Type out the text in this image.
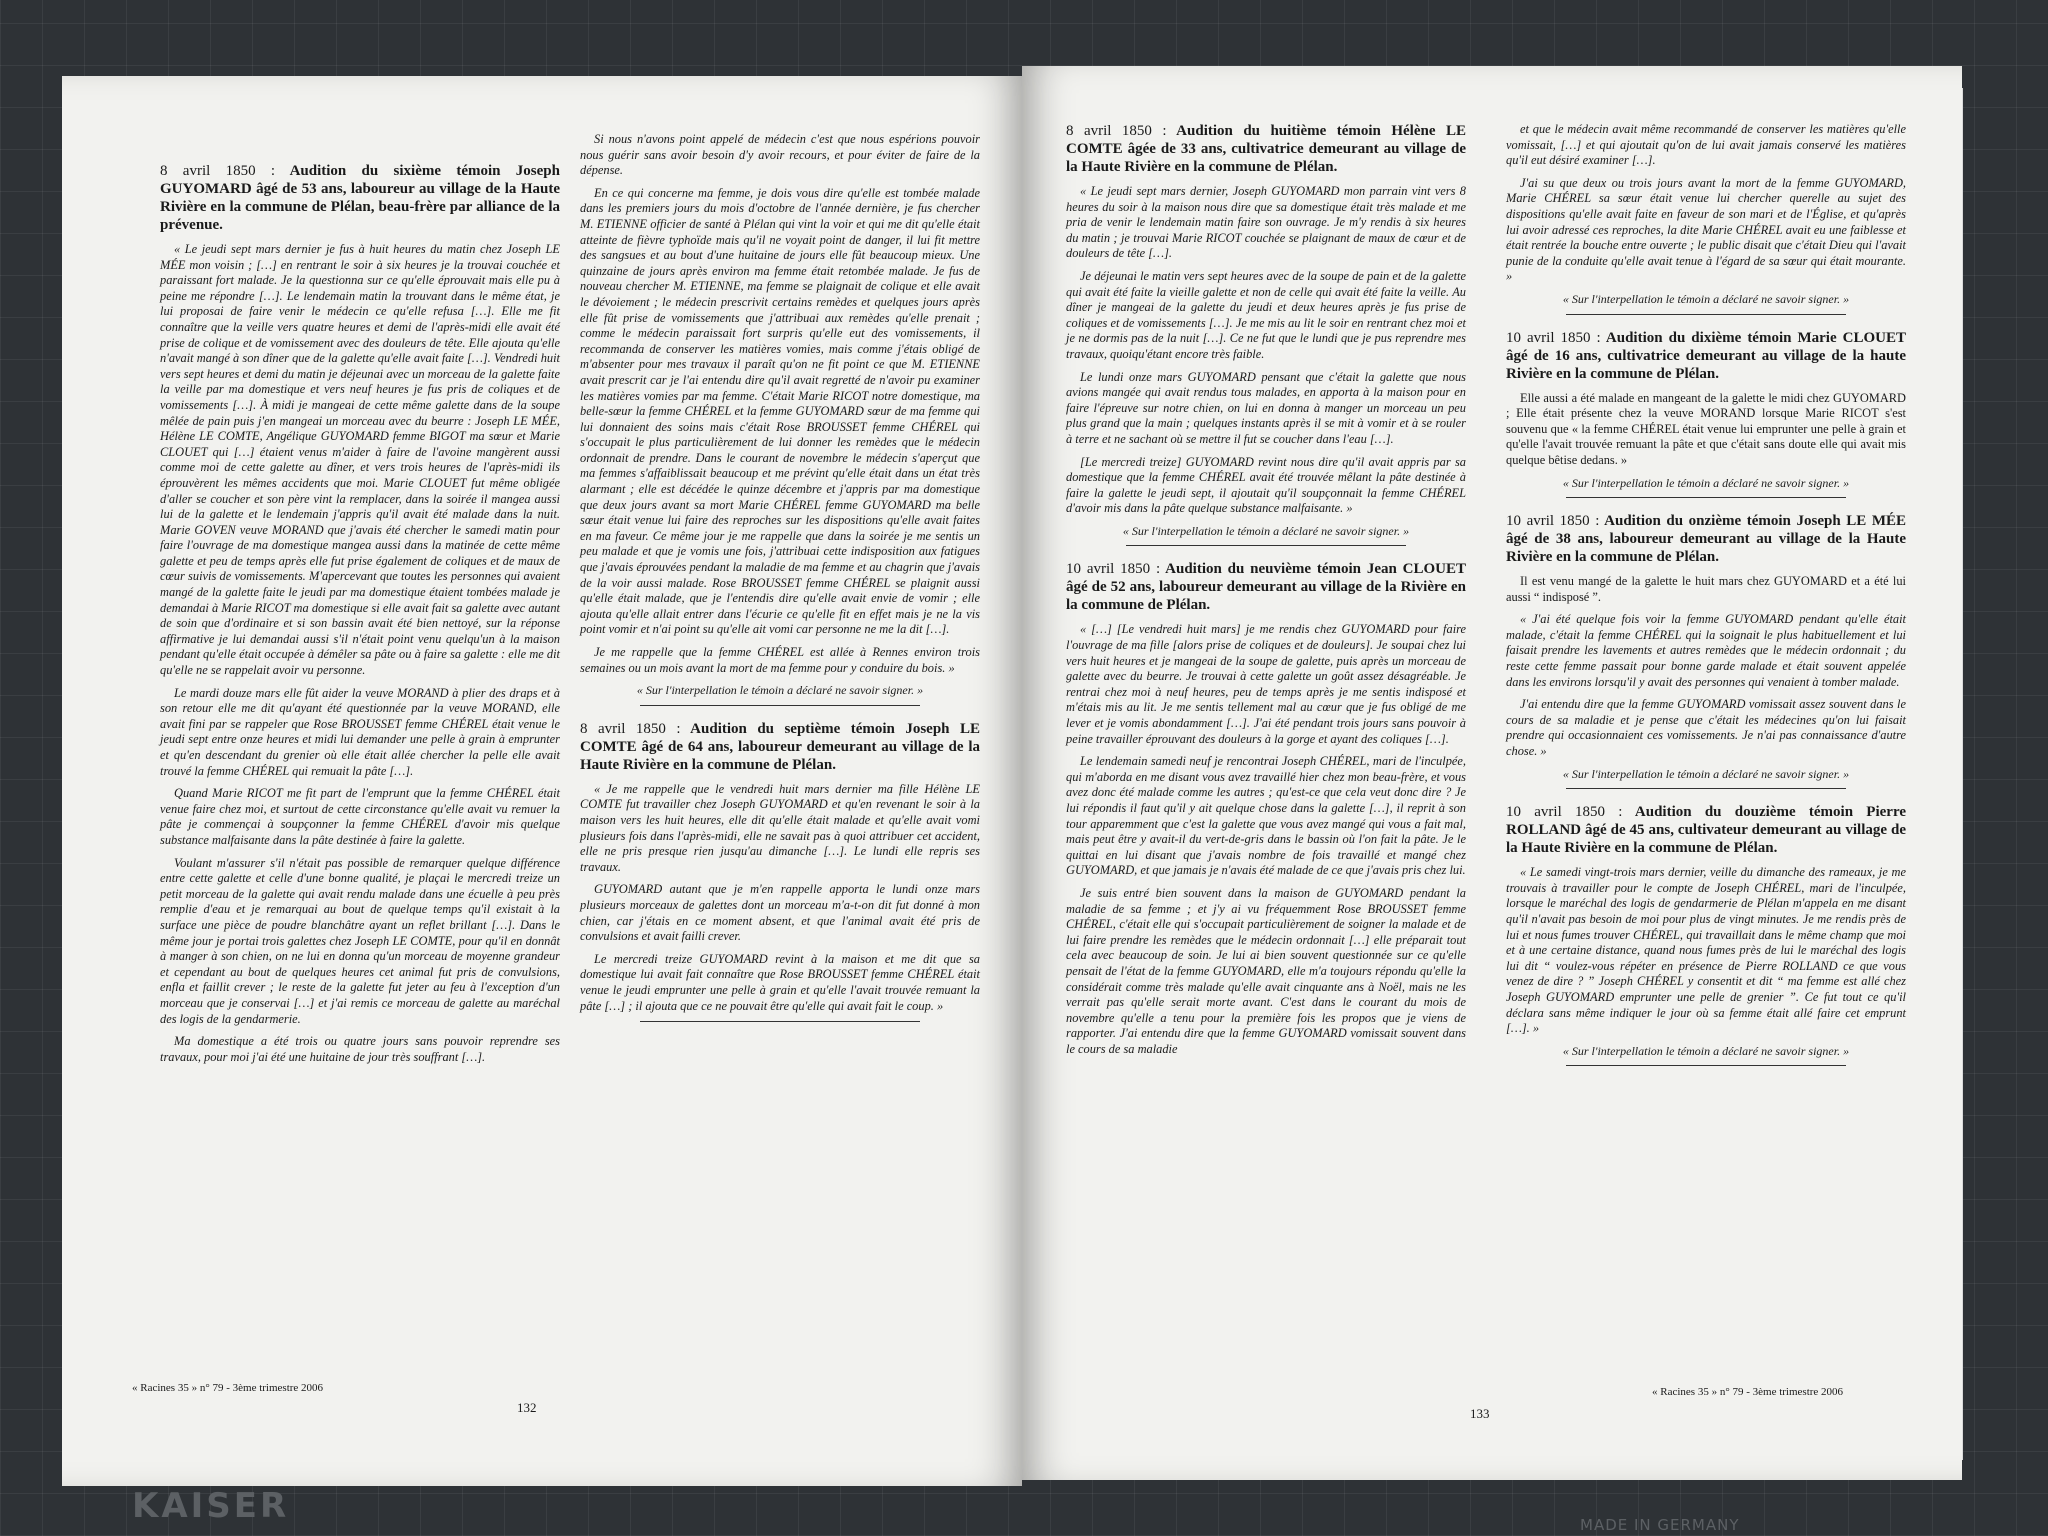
KAISER	MADE IN GERMANY
8 avril 1850 : Audition du sixième témoin Joseph GUYOMARD âgé de 53 ans, laboureur au village de la Haute Rivière en la commune de Plélan, beau-frère par alliance de la prévenue.

« Le jeudi sept mars dernier je fus à huit heures du matin chez Joseph LE MÉE mon voisin ; […] en rentrant le soir à six heures je la trouvai couchée et paraissant fort malade. Je la questionna sur ce qu'elle éprouvait mais elle pu à peine me répondre […]. Le lendemain matin la trouvant dans le même état, je lui proposai de faire venir le médecin ce qu'elle refusa […]. Elle me fit connaître que la veille vers quatre heures et demi de l'après-midi elle avait été prise de colique et de vomissement avec des douleurs de tête. Elle ajouta qu'elle n'avait mangé à son dîner que de la galette qu'elle avait faite […]. Vendredi huit vers sept heures et demi du matin je déjeunai avec un morceau de la galette faite la veille par ma domestique et vers neuf heures je fus pris de coliques et de vomissements […]. À midi je mangeai de cette même galette dans de la soupe mêlée de pain puis j'en mangeai un morceau avec du beurre : Joseph LE MÉE, Hélène LE COMTE, Angélique GUYOMARD femme BIGOT ma sœur et Marie CLOUET qui […] étaient venus m'aider à faire de l'avoine mangèrent aussi comme moi de cette galette au dîner, et vers trois heures de l'après-midi ils éprouvèrent les mêmes accidents que moi. Marie CLOUET fut même obligée d'aller se coucher et son père vint la remplacer, dans la soirée il mangea aussi lui de la galette et le lendemain j'appris qu'il avait été malade dans la nuit. Marie GOVEN veuve MORAND que j'avais été chercher le samedi matin pour faire l'ouvrage de ma domestique mangea aussi dans la matinée de cette même galette et peu de temps après elle fut prise également de coliques et de maux de cœur suivis de vomissements. M'apercevant que toutes les personnes qui avaient mangé de la galette faite le jeudi par ma domestique étaient tombées malade je demandai à Marie RICOT ma domestique si elle avait fait sa galette avec autant de soin que d'ordinaire et si son bassin avait été bien nettoyé, sur la réponse affirmative je lui demandai aussi s'il n'était point venu quelqu'un à la maison pendant qu'elle était occupée à démêler sa pâte ou à faire sa galette : elle me dit qu'elle ne se rappelait avoir vu personne.

Le mardi douze mars elle fût aider la veuve MORAND à plier des draps et à son retour elle me dit qu'ayant été questionnée par la veuve MORAND, elle avait fini par se rappeler que Rose BROUSSET femme CHÉREL était venue le jeudi sept entre onze heures et midi lui demander une pelle à grain à emprunter et qu'en descendant du grenier où elle était allée chercher la pelle elle avait trouvé la femme CHÉREL qui remuait la pâte […].

Quand Marie RICOT me fit part de l'emprunt que la femme CHÉREL était venue faire chez moi, et surtout de cette circonstance qu'elle avait vu remuer la pâte je commençai à soupçonner la femme CHÉREL d'avoir mis quelque substance malfaisante dans la pâte destinée à faire la galette.

Voulant m'assurer s'il n'était pas possible de remarquer quelque différence entre cette galette et celle d'une bonne qualité, je plaçai le mercredi treize un petit morceau de la galette qui avait rendu malade dans une écuelle à peu près remplie d'eau et je remarquai au bout de quelque temps qu'il existait à la surface une pièce de poudre blanchâtre ayant un reflet brillant […]. Dans le même jour je portai trois galettes chez Joseph LE COMTE, pour qu'il en donnât à manger à son chien, on ne lui en donna qu'un morceau de moyenne grandeur et cependant au bout de quelques heures cet animal fut pris de convulsions, enfla et faillit crever ; le reste de la galette fut jeter au feu à l'exception d'un morceau que je conservai […] et j'ai remis ce morceau de galette au maréchal des logis de la gendarmerie.

Ma domestique a été trois ou quatre jours sans pouvoir reprendre ses travaux, pour moi j'ai été une huitaine de jour très souffrant […].

Si nous n'avons point appelé de médecin c'est que nous espérions pouvoir nous guérir sans avoir besoin d'y avoir recours, et pour éviter de faire de la dépense.

En ce qui concerne ma femme, je dois vous dire qu'elle est tombée malade dans les premiers jours du mois d'octobre de l'année dernière, je fus chercher M. ETIENNE officier de santé à Plélan qui vint la voir et qui me dit qu'elle était atteinte de fièvre typhoïde mais qu'il ne voyait point de danger, il lui fit mettre des sangsues et au bout d'une huitaine de jours elle fût beaucoup mieux. Une quinzaine de jours après environ ma femme était retombée malade. Je fus de nouveau chercher M. ETIENNE, ma femme se plaignait de colique et elle avait le dévoiement ; le médecin prescrivit certains remèdes et quelques jours après elle fût prise de vomissements que j'attribuai aux remèdes qu'elle prenait ; comme le médecin paraissait fort surpris qu'elle eut des vomissements, il recommanda de conserver les matières vomies, mais comme j'étais obligé de m'absenter pour mes travaux il paraît qu'on ne fit point ce que M. ETIENNE avait prescrit car je l'ai entendu dire qu'il avait regretté de n'avoir pu examiner les matières vomies par ma femme. C'était Marie RICOT notre domestique, ma belle-sœur la femme CHÉREL et la femme GUYOMARD sœur de ma femme qui lui donnaient des soins mais c'était Rose BROUSSET femme CHÉREL qui s'occupait le plus particulièrement de lui donner les remèdes que le médecin ordonnait de prendre. Dans le courant de novembre le médecin s'aperçut que ma femmes s'affaiblissait beaucoup et me prévint qu'elle était dans un état très alarmant ; elle est décédée le quinze décembre et j'appris par ma domestique que deux jours avant sa mort Marie CHÉREL femme GUYOMARD ma belle sœur était venue lui faire des reproches sur les dispositions qu'elle avait faites en ma faveur. Ce même jour je me rappelle que dans la soirée je me sentis un peu malade et que je vomis une fois, j'attribuai cette indisposition aux fatigues que j'avais éprouvées pendant la maladie de ma femme et au chagrin que j'avais de la voir aussi malade. Rose BROUSSET femme CHÉREL se plaignit aussi qu'elle était malade, que je l'entendis dire qu'elle avait envie de vomir ; elle ajouta qu'elle allait entrer dans l'écurie ce qu'elle fit en effet mais je ne la vis point vomir et n'ai point su qu'elle ait vomi car personne ne me la dit […].

Je me rappelle que la femme CHÉREL est allée à Rennes environ trois semaines ou un mois avant la mort de ma femme pour y conduire du bois. »

« Sur l'interpellation le témoin a déclaré ne savoir signer. »
8 avril 1850 : Audition du septième témoin Joseph LE COMTE âgé de 64 ans, laboureur demeurant au village de la Haute Rivière en la commune de Plélan.

« Je me rappelle que le vendredi huit mars dernier ma fille Hélène LE COMTE fut travailler chez Joseph GUYOMARD et qu'en revenant le soir à la maison vers les huit heures, elle dit qu'elle était malade et qu'elle avait vomi plusieurs fois dans l'après-midi, elle ne savait pas à quoi attribuer cet accident, elle ne pris presque rien jusqu'au dimanche […]. Le lundi elle repris ses travaux.

GUYOMARD autant que je m'en rappelle apporta le lundi onze mars plusieurs morceaux de galettes dont un morceau m'a-t-on dit fut donné à mon chien, car j'étais en ce moment absent, et que l'animal avait été pris de convulsions et avait failli crever.

Le mercredi treize GUYOMARD revint à la maison et me dit que sa domestique lui avait fait connaître que Rose BROUSSET femme CHÉREL était venue le jeudi emprunter une pelle à grain et qu'elle l'avait trouvée remuant la pâte […] ; il ajouta que ce ne pouvait être qu'elle qui avait fait le coup. »

« Racines 35 » n° 79 - 3ème trimestre 2006
132
8 avril 1850 : Audition du huitième témoin Hélène LE COMTE âgée de 33 ans, cultivatrice demeurant au village de la Haute Rivière en la commune de Plélan.

« Le jeudi sept mars dernier, Joseph GUYOMARD mon parrain vint vers 8 heures du soir à la maison nous dire que sa domestique était très malade et me pria de venir le lendemain matin faire son ouvrage. Je m'y rendis à six heures du matin ; je trouvai Marie RICOT couchée se plaignant de maux de cœur et de douleurs de tête […].

Je déjeunai le matin vers sept heures avec de la soupe de pain et de la galette qui avait été faite la vieille galette et non de celle qui avait été faite la veille. Au dîner je mangeai de la galette du jeudi et deux heures après je fus prise de coliques et de vomissements […]. Je me mis au lit le soir en rentrant chez moi et je ne dormis pas de la nuit […]. Ce ne fut que le lundi que je pus reprendre mes travaux, quoiqu'étant encore très faible.

Le lundi onze mars GUYOMARD pensant que c'était la galette que nous avions mangée qui avait rendus tous malades, en apporta à la maison pour en faire l'épreuve sur notre chien, on lui en donna à manger un morceau un peu plus grand que la main ; quelques instants après il se mit à vomir et à se rouler à terre et ne sachant où se mettre il fut se coucher dans l'eau […].

[Le mercredi treize] GUYOMARD revint nous dire qu'il avait appris par sa domestique que la femme CHÉREL avait été trouvée mêlant la pâte destinée à faire la galette le jeudi sept, il ajoutait qu'il soupçonnait la femme CHÉREL d'avoir mis dans la pâte quelque substance malfaisante. »

« Sur l'interpellation le témoin a déclaré ne savoir signer. »
10 avril 1850 : Audition du neuvième témoin Jean CLOUET âgé de 52 ans, laboureur demeurant au village de la Rivière en la commune de Plélan.

« […] [Le vendredi huit mars] je me rendis chez GUYOMARD pour faire l'ouvrage de ma fille [alors prise de coliques et de douleurs]. Je soupai chez lui vers huit heures et je mangeai de la soupe de galette, puis après un morceau de galette avec du beurre. Je trouvai à cette galette un goût assez désagréable. Je rentrai chez moi à neuf heures, peu de temps après je me sentis indisposé et m'étais mis au lit. Je me sentis tellement mal au cœur que je fus obligé de me lever et je vomis abondamment […]. J'ai été pendant trois jours sans pouvoir à peine travailler éprouvant des douleurs à la gorge et ayant des coliques […].

Le lendemain samedi neuf je rencontrai Joseph CHÉREL, mari de l'inculpée, qui m'aborda en me disant vous avez travaillé hier chez mon beau-frère, et vous avez donc été malade comme les autres ; qu'est-ce que cela veut donc dire ? Je lui répondis il faut qu'il y ait quelque chose dans la galette […], il reprit à son tour apparemment que c'est la galette que vous avez mangé qui vous a fait mal, mais peut être y avait-il du vert-de-gris dans le bassin où l'on fait la pâte. Je le quittai en lui disant que j'avais nombre de fois travaillé et mangé chez GUYOMARD, et que jamais je n'avais été malade de ce que j'avais pris chez lui.

Je suis entré bien souvent dans la maison de GUYOMARD pendant la maladie de sa femme ; et j'y ai vu fréquemment Rose BROUSSET femme CHÉREL, c'était elle qui s'occupait particulièrement de soigner la malade et de lui faire prendre les remèdes que le médecin ordonnait […] elle préparait tout cela avec beaucoup de soin. Je lui ai bien souvent questionnée sur ce qu'elle pensait de l'état de la femme GUYOMARD, elle m'a toujours répondu qu'elle la considérait comme très malade qu'elle avait cinquante ans à Noël, mais ne les verrait pas qu'elle serait morte avant. C'est dans le courant du mois de novembre qu'elle a tenu pour la première fois les propos que je viens de rapporter. J'ai entendu dire que la femme GUYOMARD vomissait souvent dans le cours de sa maladie

et que le médecin avait même recommandé de conserver les matières qu'elle vomissait, […] et qui ajoutait qu'on de lui avait jamais conservé les matières qu'il eut désiré examiner […].

J'ai su que deux ou trois jours avant la mort de la femme GUYOMARD, Marie CHÉREL sa sœur était venue lui chercher querelle au sujet des dispositions qu'elle avait faite en faveur de son mari et de l'Église, et qu'après lui avoir adressé ces reproches, la dite Marie CHÉREL avait eu une faiblesse et était rentrée la bouche entre ouverte ; le public disait que c'était Dieu qui l'avait punie de la conduite qu'elle avait tenue à l'égard de sa sœur qui était mourante. »

« Sur l'interpellation le témoin a déclaré ne savoir signer. »
10 avril 1850 : Audition du dixième témoin Marie CLOUET âgé de 16 ans, cultivatrice demeurant au village de la haute Rivière en la commune de Plélan.

Elle aussi a été malade en mangeant de la galette le midi chez GUYOMARD ; Elle était présente chez la veuve MORAND lorsque Marie RICOT s'est souvenu que « la femme CHÉREL était venue lui emprunter une pelle à grain et qu'elle l'avait trouvée remuant la pâte et que c'était sans doute elle qui avait mis quelque bêtise dedans. »

« Sur l'interpellation le témoin a déclaré ne savoir signer. »
10 avril 1850 : Audition du onzième témoin Joseph LE MÉE âgé de 38 ans, laboureur demeurant au village de la Haute Rivière en la commune de Plélan.

Il est venu mangé de la galette le huit mars chez GUYOMARD et a été lui aussi “ indisposé ”.

« J'ai été quelque fois voir la femme GUYOMARD pendant qu'elle était malade, c'était la femme CHÉREL qui la soignait le plus habituellement et lui faisait prendre les lavements et autres remèdes que le médecin ordonnait ; du reste cette femme passait pour bonne garde malade et était souvent appelée dans les environs lorsqu'il y avait des personnes qui venaient à tomber malade.

J'ai entendu dire que la femme GUYOMARD vomissait assez souvent dans le cours de sa maladie et je pense que c'était les médecines qu'on lui faisait prendre qui occasionnaient ces vomissements. Je n'ai pas connaissance d'autre chose. »

« Sur l'interpellation le témoin a déclaré ne savoir signer. »
10 avril 1850 : Audition du douzième témoin Pierre ROLLAND âgé de 45 ans, cultivateur demeurant au village de la Haute Rivière en la commune de Plélan.

« Le samedi vingt-trois mars dernier, veille du dimanche des rameaux, je me trouvais à travailler pour le compte de Joseph CHÉREL, mari de l'inculpée, lorsque le maréchal des logis de gendarmerie de Plélan m'appela en me disant qu'il n'avait pas besoin de moi pour plus de vingt minutes. Je me rendis près de lui et nous fumes trouver CHÉREL, qui travaillait dans le même champ que moi et à une certaine distance, quand nous fumes près de lui le maréchal des logis lui dit “ voulez-vous répéter en présence de Pierre ROLLAND ce que vous venez de dire ? ” Joseph CHÉREL y consentit et dit “ ma femme est allé chez Joseph GUYOMARD emprunter une pelle de grenier ”. Ce fut tout ce qu'il déclara sans même indiquer le jour où sa femme était allé faire cet emprunt […]. »

« Sur l'interpellation le témoin a déclaré ne savoir signer. »
133
« Racines 35 » n° 79 - 3ème trimestre 2006
